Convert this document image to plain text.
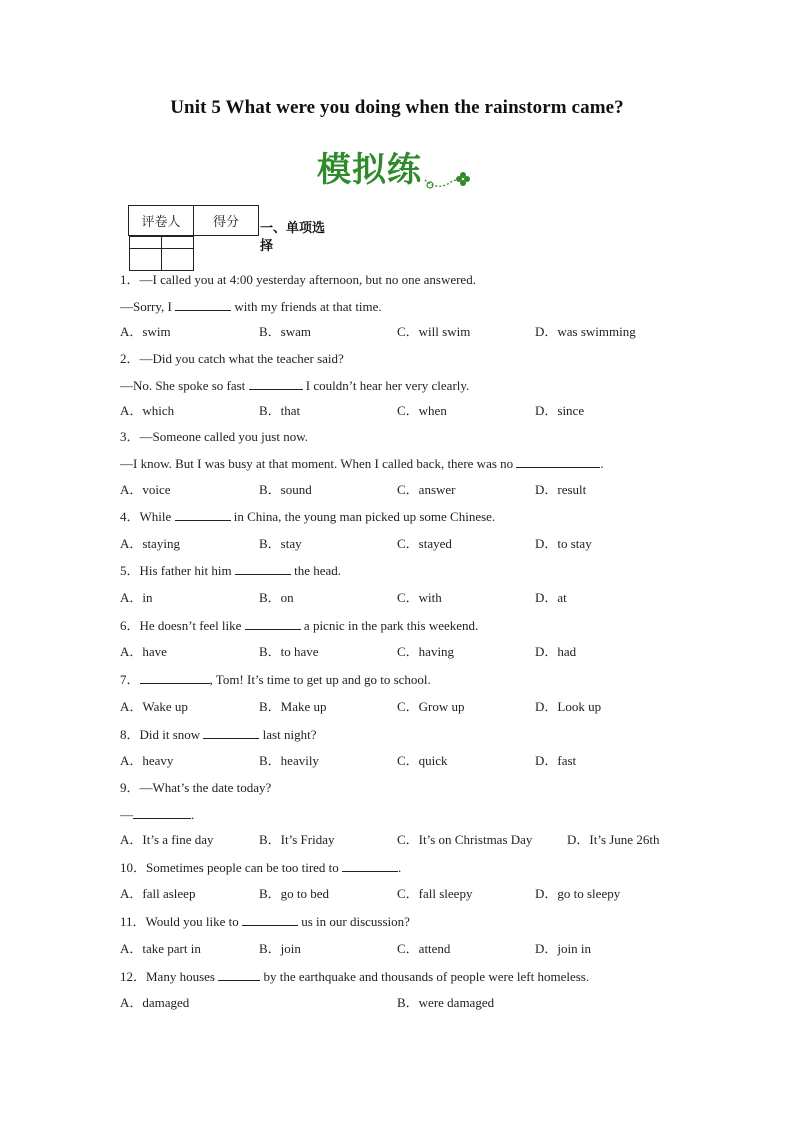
Unit 5 What were you doing when the rainstorm came?
模拟练
评卷人	得分
	一、单项选
择
1．—I called you at 4:00 yesterday afternoon, but no one answered.
—Sorry, I	with my friends at that time.
A．swim	B．swam	C．will swim	D．was swimming
2．—Did you catch what the teacher said?
—No. She spoke so fast	I couldn’t hear her very clearly.
A．which	B．that	C．when	D．since
3．—Someone called you just now.
—I know. But I was busy at that moment. When I called back, there was no	.
A．voice	B．sound	C．answer	D．result
4．While	in China, the young man picked up some Chinese.
A．staying	B．stay	C．stayed	D．to stay
5．His father hit him	the head.
A．in	B．on	C．with	D．at
6．He doesn’t feel like	a picnic in the park this weekend.
A．have	B．to have	C．having	D．had
7．	, Tom! It’s time to get up and go to school.
A．Wake up	B．Make up	C．Grow up	D．Look up
8．Did it snow	last night?
A．heavy	B．heavily	C．quick	D．fast
9．—What’s the date today?
—	.
A．It’s a fine day	B．It’s Friday	C．It’s on Christmas Day	D．It’s June 26th
10．Sometimes people can be too tired to	.
A．fall asleep	B．go to bed	C．fall sleepy	D．go to sleepy
11．Would you like to	us in our discussion?
A．take part in	B．join	C．attend	D．join in
12．Many houses	by the earthquake and thousands of people were left homeless.
A．damaged	B．were damaged
